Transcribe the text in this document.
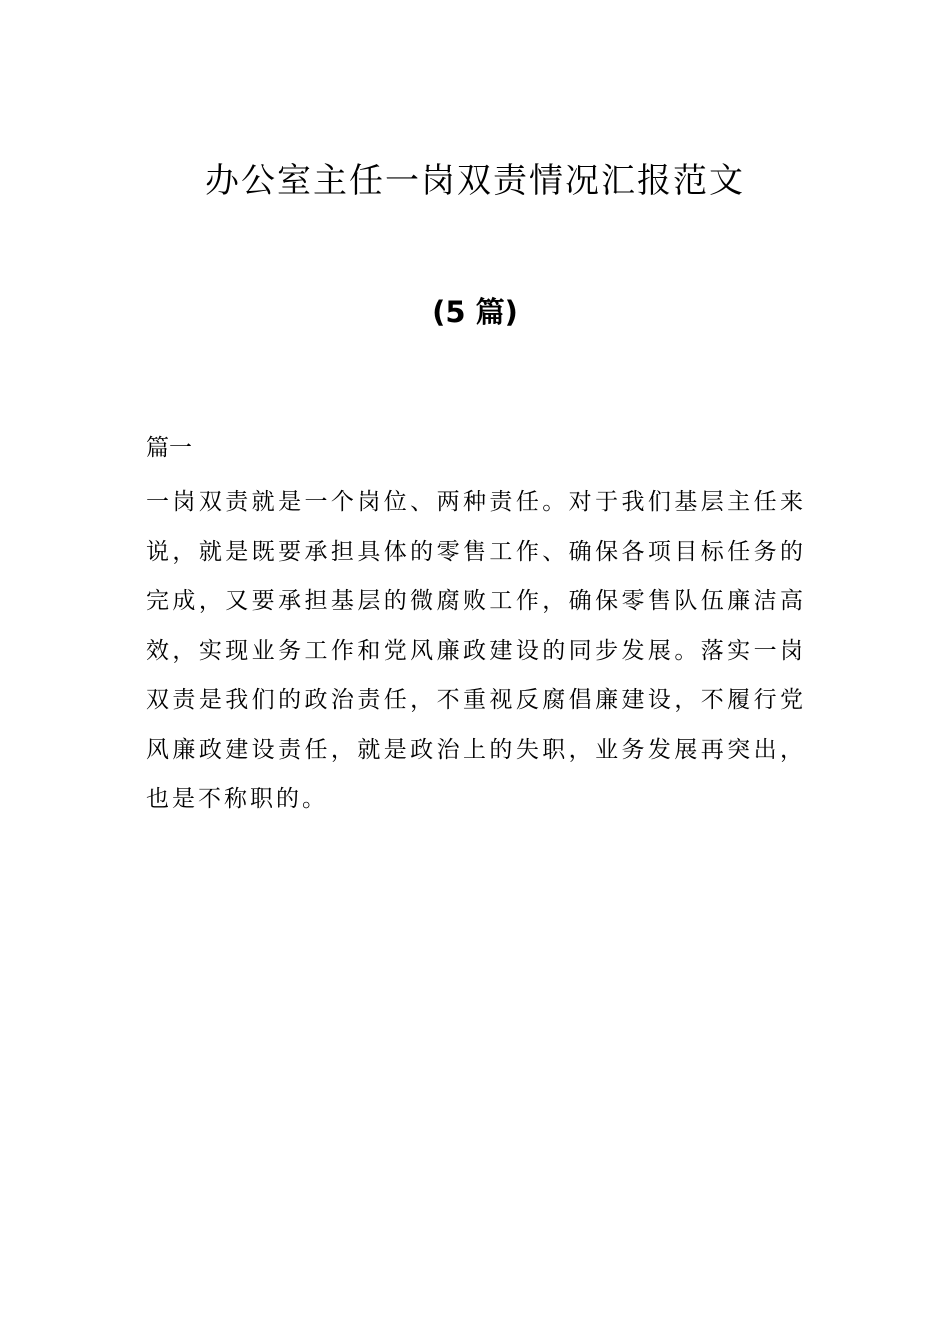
办公室主任一岗双责情况汇报范文

(5 篇)

篇一

一岗双责就是一个岗位、两种责任。对于我们基层主任来说，就是既要承担具体的零售工作、确保各项目标任务的完成，又要承担基层的微腐败工作，确保零售队伍廉洁高效，实现业务工作和党风廉政建设的同步发展。落实一岗双责是我们的政治责任，不重视反腐倡廉建设，不履行党风廉政建设责任，就是政治上的失职，业务发展再突出，也是不称职的。
